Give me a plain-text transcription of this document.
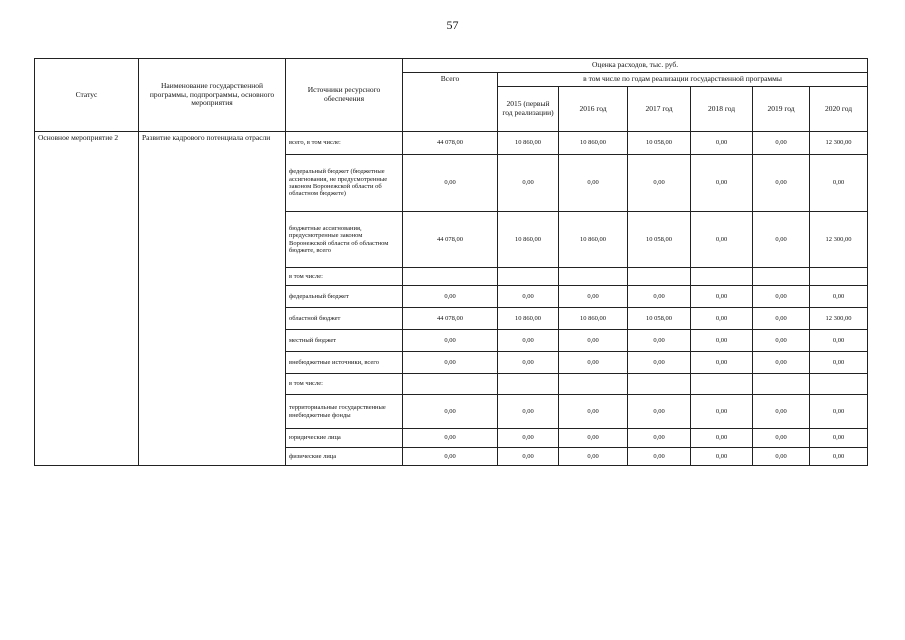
57
Статус	Наименование государственной программы, подпрограммы, основного мероприятия	Источники ресурсного обеспечения	Оценка расходов, тыс. руб.						
			Всего	в том числе по годам реализации государственной программы					
				2015 (первый год реализации)	2016 год	2017 год	2018 год	2019 год	2020 год
Основное мероприятие 2	Развитие кадрового потенциала отрасли	всего, в том числе:	44 078,00	10 860,00	10 860,00	10 058,00	0,00	0,00	12 300,00
		федеральный бюджет (бюджетные ассигнования, не предусмотренные законом Воронежской области об областном бюджете)	0,00	0,00	0,00	0,00	0,00	0,00	0,00
		бюджетные ассигнования, предусмотренные законом Воронежской области об областном бюджете, всего	44 078,00	10 860,00	10 860,00	10 058,00	0,00	0,00	12 300,00
		в том числе:							
		федеральный бюджет	0,00	0,00	0,00	0,00	0,00	0,00	0,00
		областной бюджет	44 078,00	10 860,00	10 860,00	10 058,00	0,00	0,00	12 300,00
		местный бюджет	0,00	0,00	0,00	0,00	0,00	0,00	0,00
		внебюджетные источники, всего	0,00	0,00	0,00	0,00	0,00	0,00	0,00
		в том числе:							
		территориальные государственные внебюджетные фонды	0,00	0,00	0,00	0,00	0,00	0,00	0,00
		юридические лица	0,00	0,00	0,00	0,00	0,00	0,00	0,00
		физические лица	0,00	0,00	0,00	0,00	0,00	0,00	0,00
